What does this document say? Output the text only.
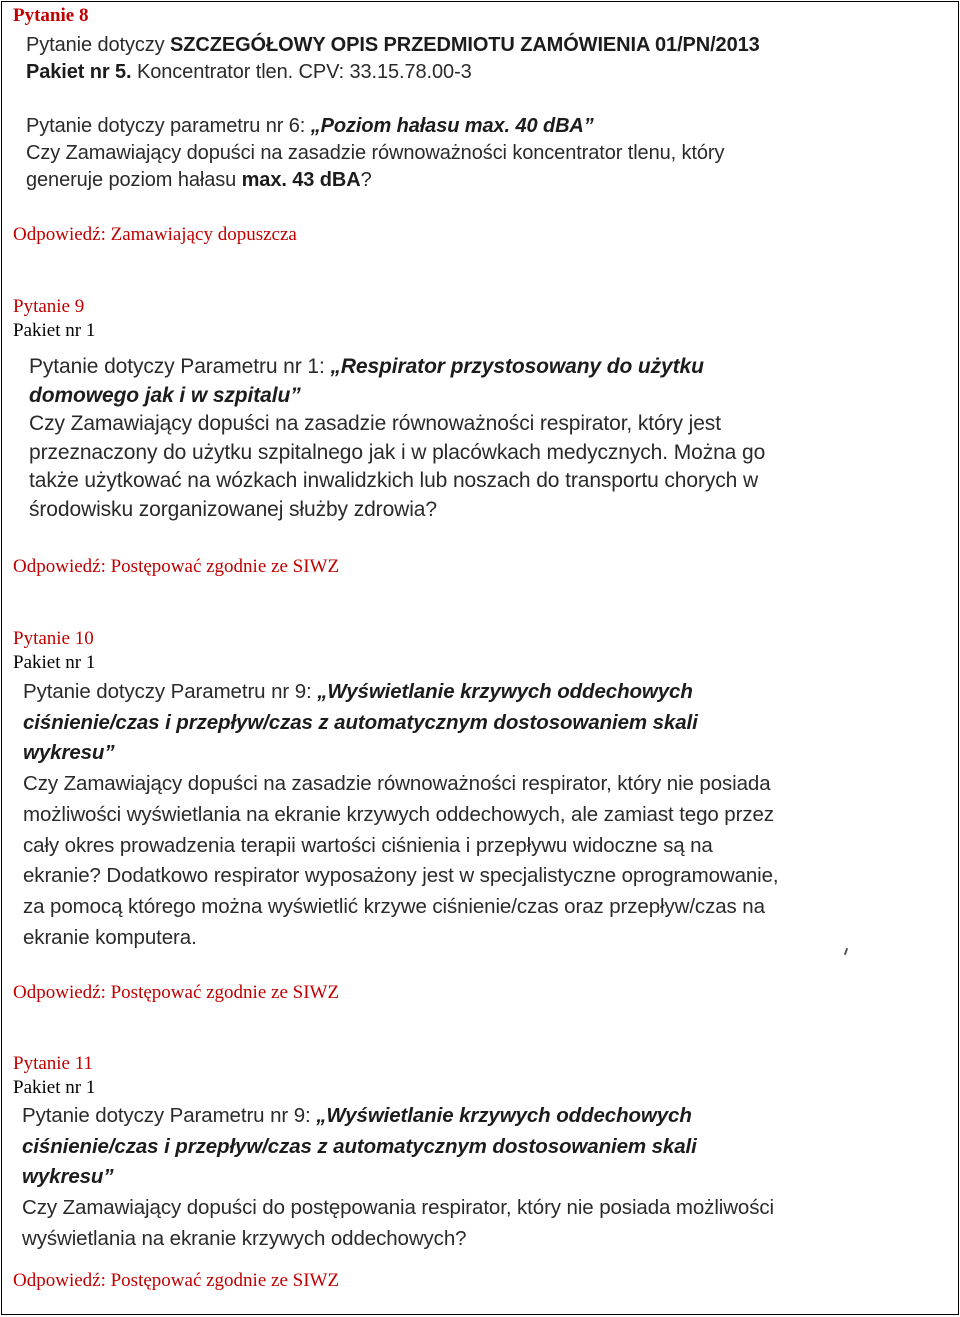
Pytanie 8
Pytanie dotyczy SZCZEGÓŁOWY OPIS PRZEDMIOTU ZAMÓWIENIA 01/PN/2013
Pakiet nr 5. Koncentrator tlen. CPV: 33.15.78.00-3
Pytanie dotyczy parametru nr 6: „Poziom hałasu max. 40 dBA”
Czy Zamawiający dopuści na zasadzie równoważności koncentrator tlenu, który
generuje poziom hałasu max. 43 dBA?

Odpowiedź: Zamawiający dopuszcza

Pytanie 9

Pakiet nr 1

Pytanie dotyczy Parametru nr 1: „Respirator przystosowany do użytku
domowego jak i w szpitalu”
Czy Zamawiający dopuści na zasadzie równoważności respirator, który jest
przeznaczony do użytku szpitalnego jak i w placówkach medycznych. Można go
także użytkować na wózkach inwalidzkich lub noszach do transportu chorych w
środowisku zorganizowanej służby zdrowia?

Odpowiedź: Postępować zgodnie ze SIWZ

Pytanie 10

Pakiet nr 1

Pytanie dotyczy Parametru nr 9: „Wyświetlanie krzywych oddechowych
ciśnienie/czas i przepływ/czas z automatycznym dostosowaniem skali
wykresu”
Czy Zamawiający dopuści na zasadzie równoważności respirator, który nie posiada
możliwości wyświetlania na ekranie krzywych oddechowych, ale zamiast tego przez
cały okres prowadzenia terapii wartości ciśnienia i przepływu widoczne są na
ekranie? Dodatkowo respirator wyposażony jest w specjalistyczne oprogramowanie,
za pomocą którego można wyświetlić krzywe ciśnienie/czas oraz przepływ/czas na
ekranie komputera.

Odpowiedź: Postępować zgodnie ze SIWZ

Pytanie 11

Pakiet nr 1

Pytanie dotyczy Parametru nr 9: „Wyświetlanie krzywych oddechowych
ciśnienie/czas i przepływ/czas z automatycznym dostosowaniem skali
wykresu”
Czy Zamawiający dopuści do postępowania respirator, który nie posiada możliwości
wyświetlania na ekranie krzywych oddechowych?

Odpowiedź: Postępować zgodnie ze SIWZ
